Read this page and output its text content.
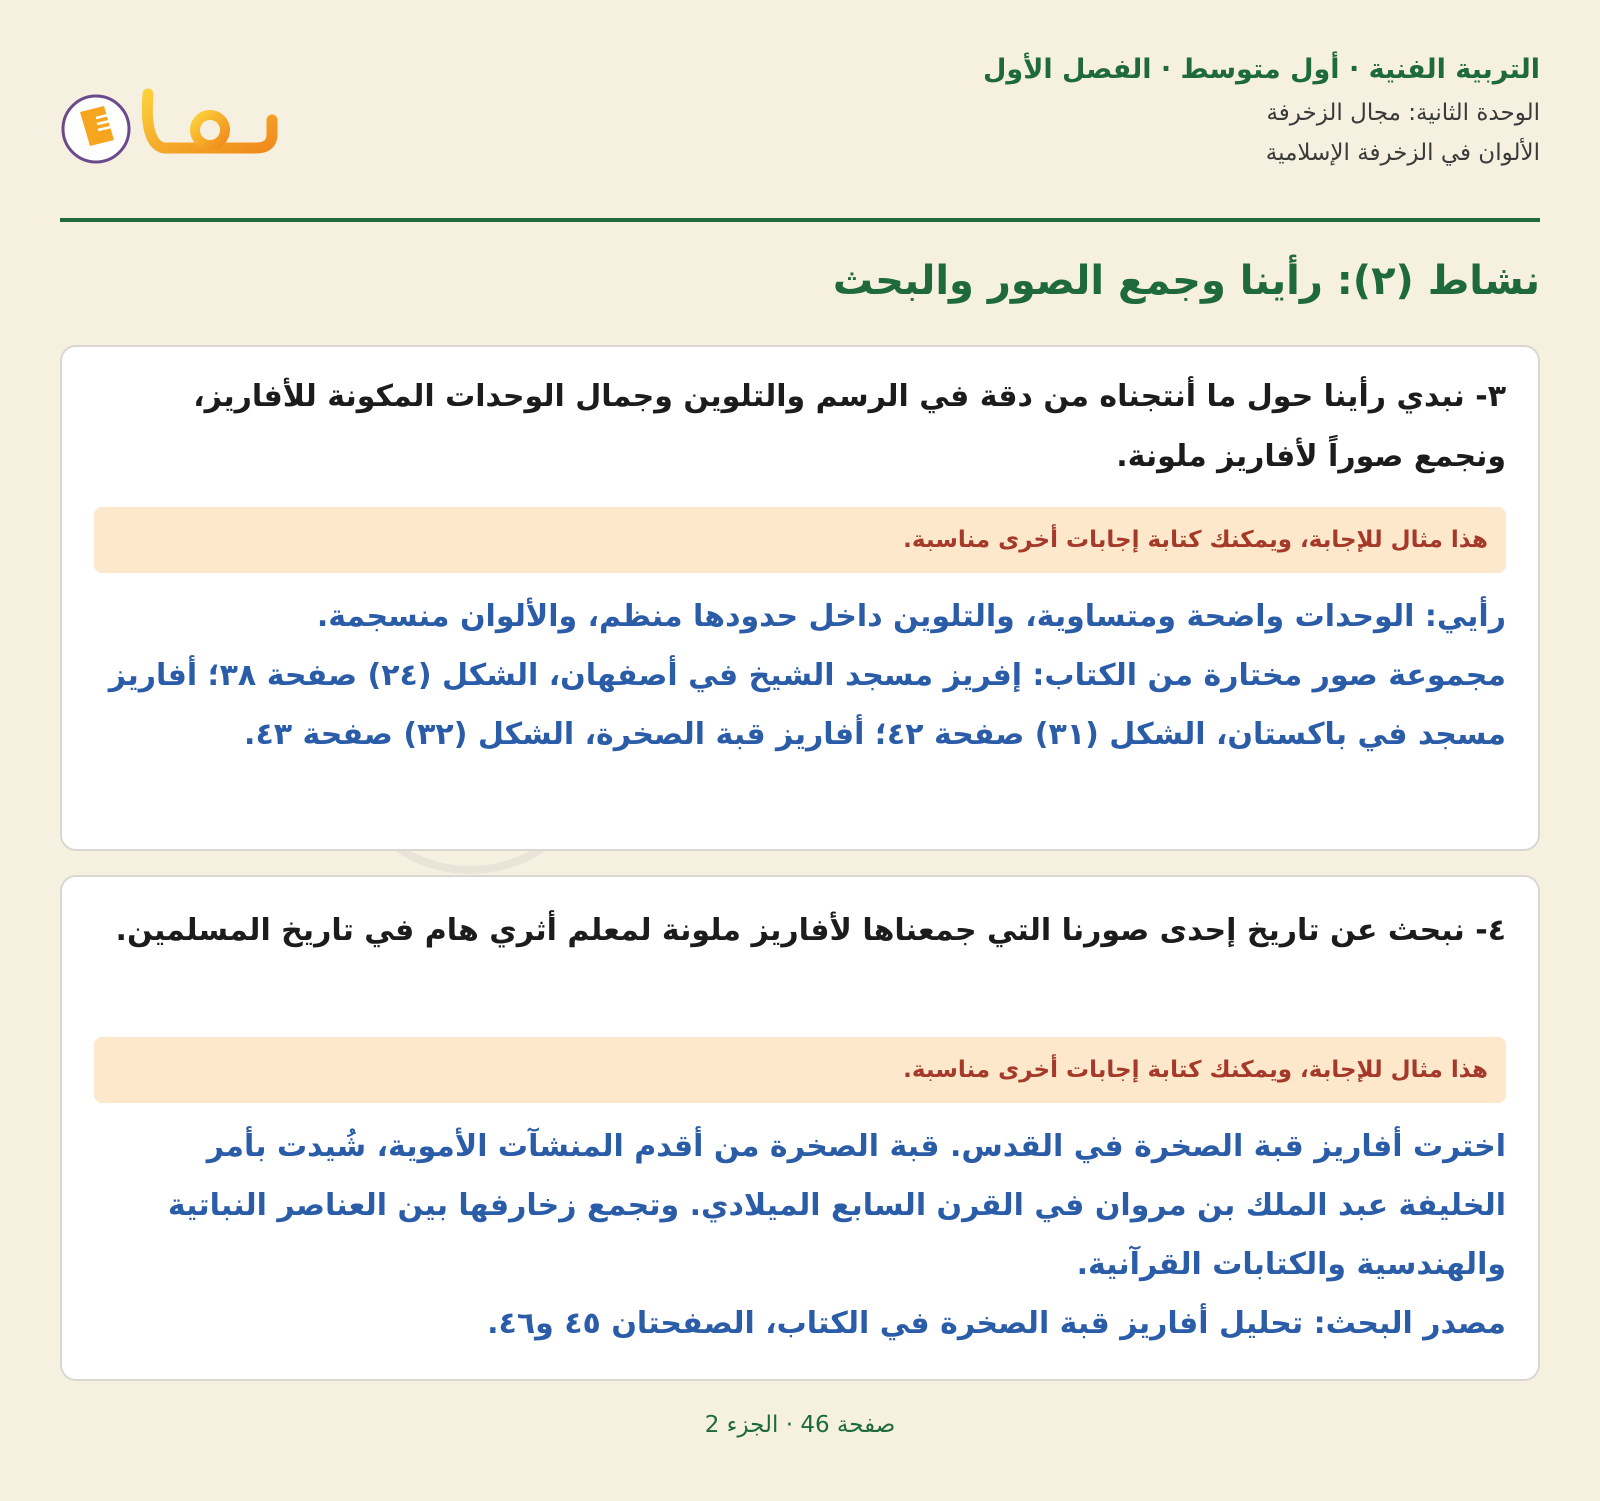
التربية الفنية · أول متوسط · الفصل الأول

الوحدة الثانية: مجال الزخرفة

الألوان في الزخرفة الإسلامية

نشاط (٢): رأينا وجمع الصور والبحث

٣- نبدي رأينا حول ما أنتجناه من دقة في الرسم والتلوين وجمال الوحدات المكونة للأفاريز، ونجمع صوراً لأفاريز ملونة.

هذا مثال للإجابة، ويمكنك كتابة إجابات أخرى مناسبة.
رأيي: الوحدات واضحة ومتساوية، والتلوين داخل حدودها منظم، والألوان منسجمة.
مجموعة صور مختارة من الكتاب: إفريز مسجد الشيخ في أصفهان، الشكل (٢٤) صفحة ٣٨؛ أفاريز مسجد في باكستان، الشكل (٣١) صفحة ٤٢؛ أفاريز قبة الصخرة، الشكل (٣٢) صفحة ٤٣.

٤- نبحث عن تاريخ إحدى صورنا التي جمعناها لأفاريز ملونة لمعلم أثري هام في تاريخ المسلمين.

هذا مثال للإجابة، ويمكنك كتابة إجابات أخرى مناسبة.
اخترت أفاريز قبة الصخرة في القدس. قبة الصخرة من أقدم المنشآت الأموية، شُيدت بأمر الخليفة عبد الملك بن مروان في القرن السابع الميلادي. وتجمع زخارفها بين العناصر النباتية والهندسية والكتابات القرآنية.
مصدر البحث: تحليل أفاريز قبة الصخرة في الكتاب، الصفحتان ٤٥ و٤٦.
صفحة 46 · الجزء 2
